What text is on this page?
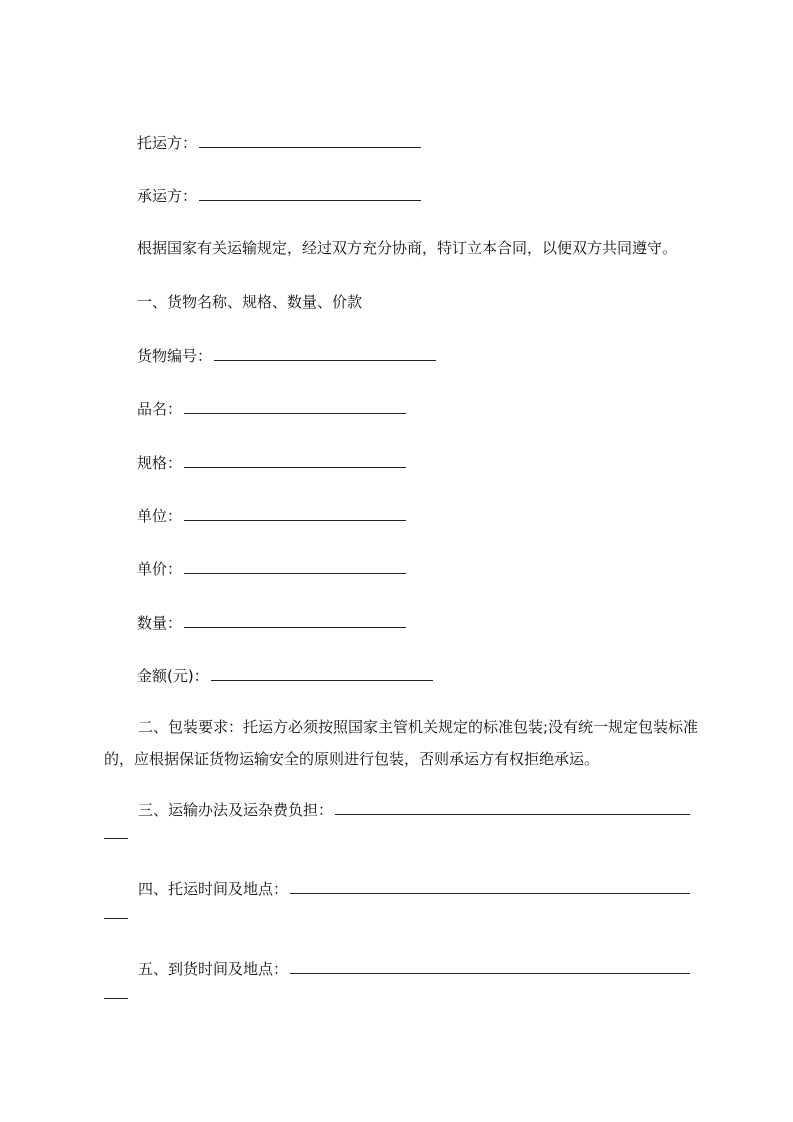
托运方：
承运方：
根据国家有关运输规定，经过双方充分协商，特订立本合同，以便双方共同遵守。
一、货物名称、规格、数量、价款
货物编号：
品名：
规格：
单位：
单价：
数量：
金额(元)：
二、包装要求：托运方必须按照国家主管机关规定的标准包装;没有统一规定包装标准的，应根据保证货物运输安全的原则进行包装，否则承运方有权拒绝承运。
三、运输办法及运杂费负担：
四、托运时间及地点：
五、到货时间及地点：
